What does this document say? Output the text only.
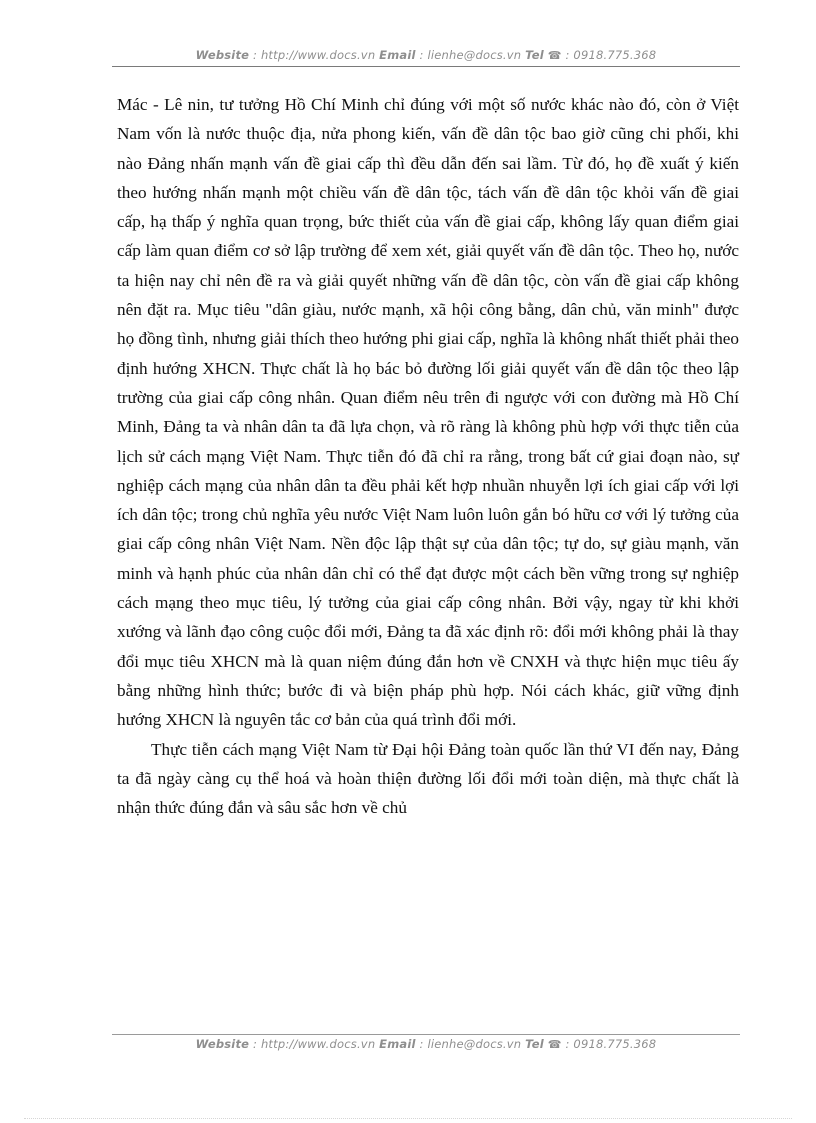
Website : http://www.docs.vn Email : lienhe@docs.vn Tel ☎ : 0918.775.368

Mác - Lê nin, tư tưởng Hồ Chí Minh chỉ đúng với một số nước khác nào đó, còn ở Việt Nam vốn là nước thuộc địa, nửa phong kiến, vấn đề dân tộc bao giờ cũng chi phối, khi nào Đảng nhấn mạnh vấn đề giai cấp thì đều dẫn đến sai lầm. Từ đó, họ đề xuất ý kiến theo hướng nhấn mạnh một chiều vấn đề dân tộc, tách vấn đề dân tộc khỏi vấn đề giai cấp, hạ thấp ý nghĩa quan trọng, bức thiết của vấn đề giai cấp, không lấy quan điểm giai cấp làm quan điểm cơ sở lập trường để xem xét, giải quyết vấn đề dân tộc. Theo họ, nước ta hiện nay chỉ nên đề ra và giải quyết những vấn đề dân tộc, còn vấn đề giai cấp không nên đặt ra. Mục tiêu "dân giàu, nước mạnh, xã hội công bằng, dân chủ, văn minh" được họ đồng tình, nhưng giải thích theo hướng phi giai cấp, nghĩa là không nhất thiết phải theo định hướng XHCN. Thực chất là họ bác bỏ đường lối giải quyết vấn đề dân tộc theo lập trường của giai cấp công nhân. Quan điểm nêu trên đi ngược với con đường mà Hồ Chí Minh, Đảng ta và nhân dân ta đã lựa chọn, và rõ ràng là không phù hợp với thực tiễn của lịch sử cách mạng Việt Nam. Thực tiễn đó đã chỉ ra rằng, trong bất cứ giai đoạn nào, sự nghiệp cách mạng của nhân dân ta đều phải kết hợp nhuần nhuyễn lợi ích giai cấp với lợi ích dân tộc; trong chủ nghĩa yêu nước Việt Nam luôn luôn gắn bó hữu cơ với lý tưởng của giai cấp công nhân Việt Nam. Nền độc lập thật sự của dân tộc; tự do, sự giàu mạnh, văn minh và hạnh phúc của nhân dân chỉ có thể đạt được một cách bền vững trong sự nghiệp cách mạng theo mục tiêu, lý tưởng của giai cấp công nhân. Bởi vậy, ngay từ khi khởi xướng và lãnh đạo công cuộc đổi mới, Đảng ta đã xác định rõ: đổi mới không phải là thay đổi mục tiêu XHCN mà là quan niệm đúng đắn hơn về CNXH và thực hiện mục tiêu ấy bằng những hình thức; bước đi và biện pháp phù hợp. Nói cách khác, giữ vững định hướng XHCN là nguyên tắc cơ bản của quá trình đổi mới.

Thực tiễn cách mạng Việt Nam từ Đại hội Đảng toàn quốc lần thứ VI đến nay, Đảng ta đã ngày càng cụ thể hoá và hoàn thiện đường lối đổi mới toàn diện, mà thực chất là nhận thức đúng đắn và sâu sắc hơn về chủ

Website : http://www.docs.vn Email : lienhe@docs.vn Tel ☎ : 0918.775.368
